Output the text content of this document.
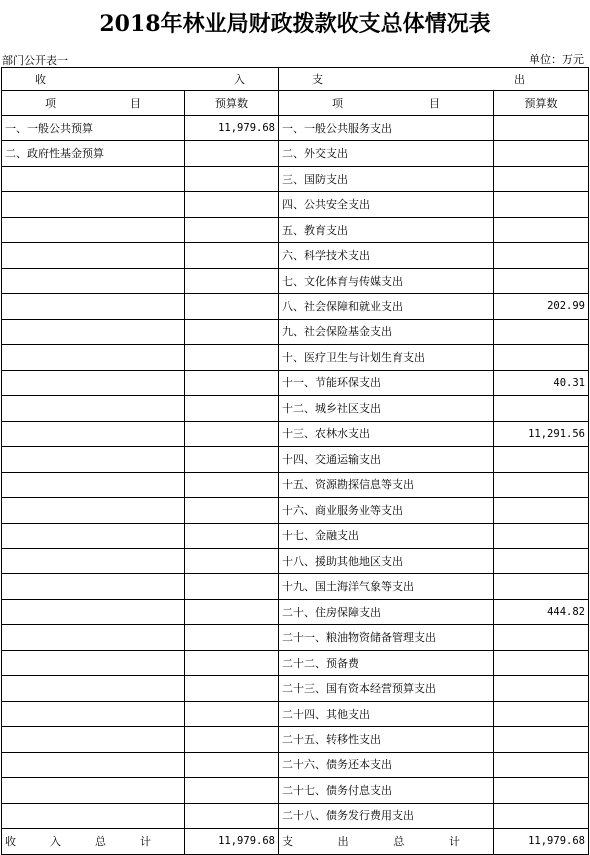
2018年林业局财政拨款收支总体情况表
部门公开表一	单位：万元
收 入		支 出	

项 目	预算数	项 目	预算数
一、一般公共预算	11,979.68	一、一般公共服务支出	
二、政府性基金预算		二、外交支出	
		三、国防支出	
		四、公共安全支出	
		五、教育支出	
		六、科学技术支出	
		七、文化体育与传媒支出	
		八、社会保障和就业支出	202.99
		九、社会保险基金支出	
		十、医疗卫生与计划生育支出	
		十一、节能环保支出	40.31
		十二、城乡社区支出	
		十三、农林水支出	11,291.56
		十四、交通运输支出	
		十五、资源勘探信息等支出	
		十六、商业服务业等支出	
		十七、金融支出	
		十八、援助其他地区支出	
		十九、国土海洋气象等支出	
		二十、住房保障支出	444.82
		二十一、粮油物资储备管理支出	
		二十二、预备费	
		二十三、国有资本经营预算支出	
		二十四、其他支出	
		二十五、转移性支出	
		二十六、债务还本支出	
		二十七、债务付息支出	
		二十八、债务发行费用支出	

收 入 总 计	11,979.68	支 出 总 计	11,979.68
